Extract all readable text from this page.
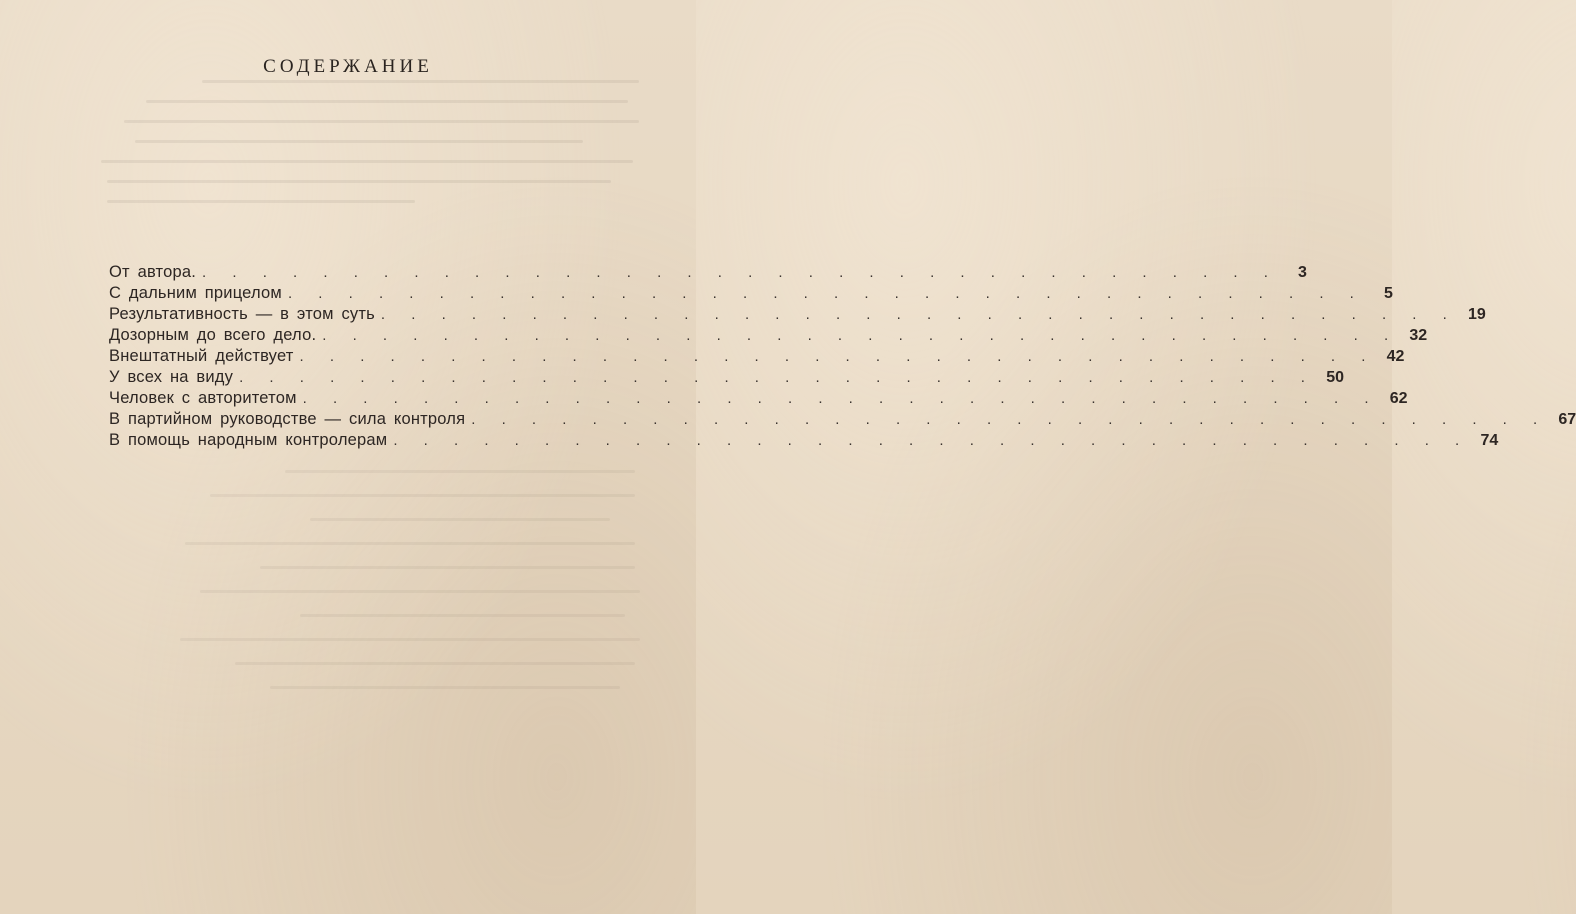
СОДЕРЖАНИЕ
От автора. . . . . . . . . . . . . . . . . . . . . . . . . . . . . . . . . . . . .	3
С дальним прицелом . . . . . . . . . . . . . . . . . . . . . . . . . . . . . . . . . . . .	5
Результативность — в этом суть . . . . . . . . . . . . . . . . . . . . . . . . . . . . . . . . . . . . 19
Дозорным до всего дело. . . . . . . . . . . . . . . . . . . . . . . . . . . . . . . . . . . . . 32
Внештатный действует . . . . . . . . . . . . . . . . . . . . . . . . . . . . . . . . . . . . 42
У всех на виду . . . . . . . . . . . . . . . . . . . . . . . . . . . . . . . . . . . . 50
Человек с авторитетом . . . . . . . . . . . . . . . . . . . . . . . . . . . . . . . . . . . . 62
В партийном руководстве — сила контроля . . . . . . . . . . . . . . . . . . . . . . . . . . . . . . . . . . . . 67
В помощь народным контролерам . . . . . . . . . . . . . . . . . . . . . . . . . . . . . . . . . . . . 74
